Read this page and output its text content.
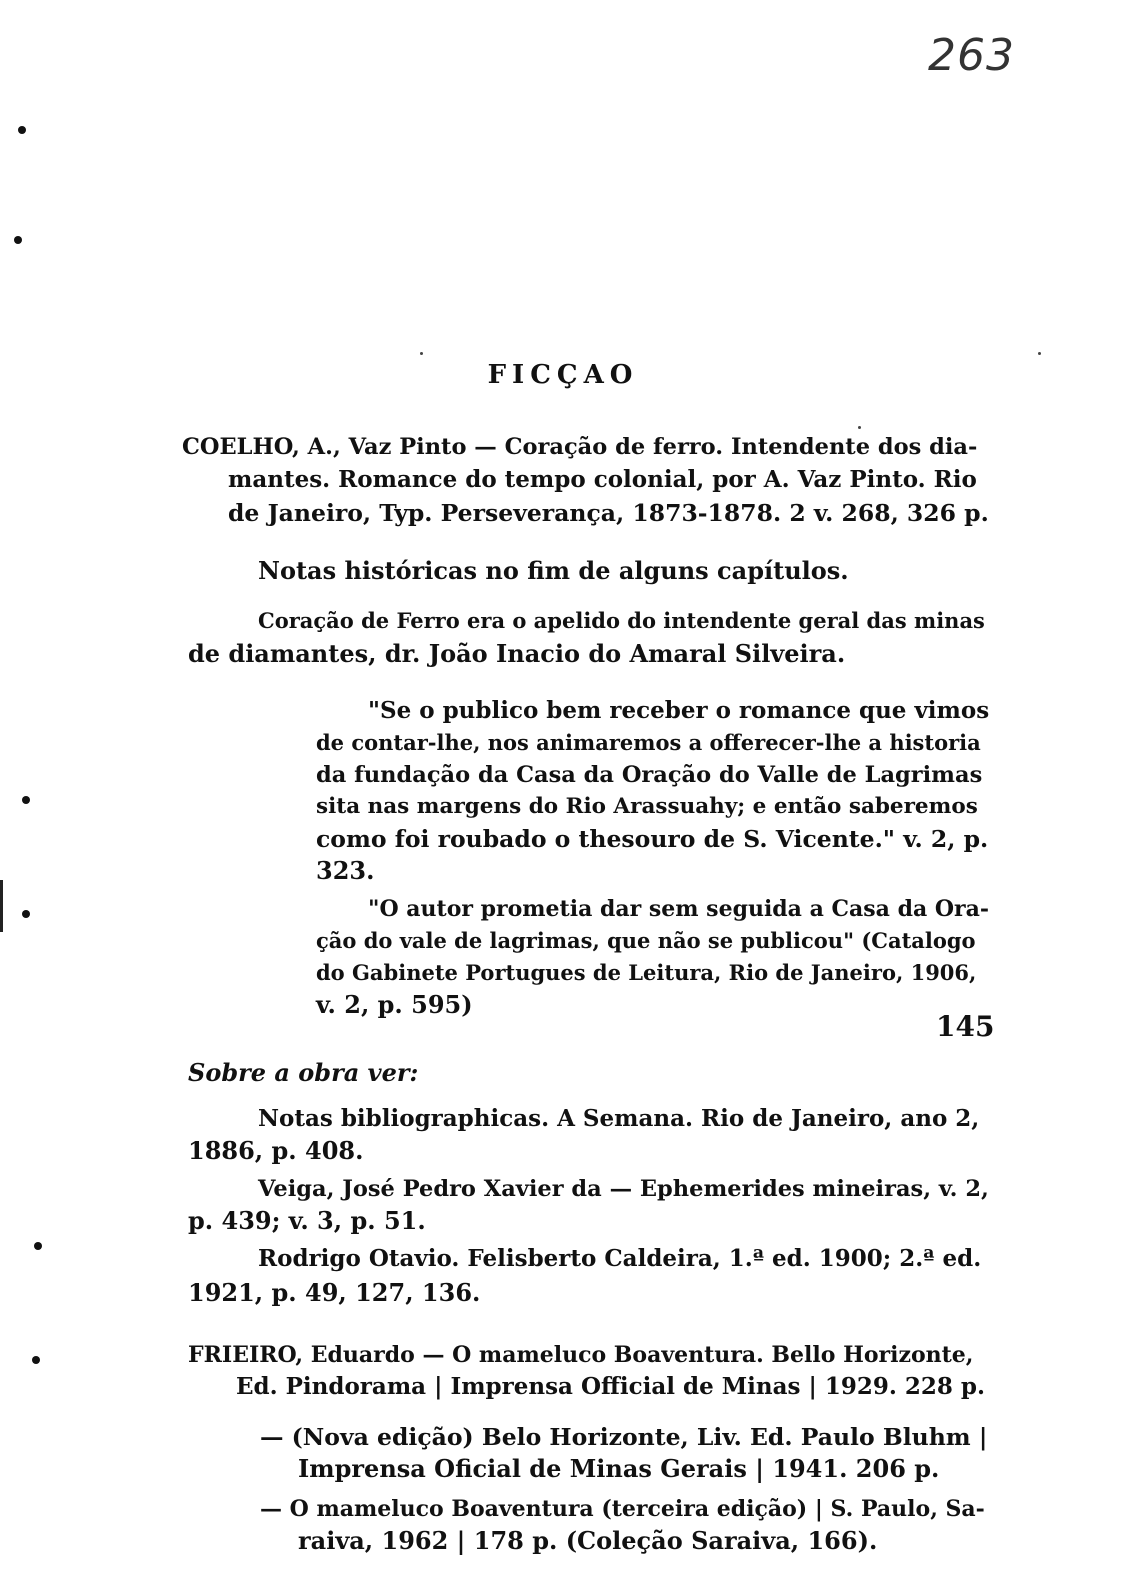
263
FICÇAO
COELHO, A., Vaz Pinto — Coração de ferro. Intendente dos dia-
mantes. Romance do tempo colonial, por A. Vaz Pinto. Rio
de Janeiro, Typ. Perseverança, 1873-1878. 2 v. 268, 326 p.
Notas históricas no fim de alguns capítulos.
Coração de Ferro era o apelido do intendente geral das minas
de diamantes, dr. João Inacio do Amaral Silveira.
"Se o publico bem receber o romance que vimos
de contar-lhe, nos animaremos a offerecer-lhe a historia
da fundação da Casa da Oração do Valle de Lagrimas
sita nas margens do Rio Arassuahy; e então saberemos
como foi roubado o thesouro de S. Vicente." v. 2, p.
323.
"O autor prometia dar sem seguida a Casa da Ora-
ção do vale de lagrimas, que não se publicou" (Catalogo
do Gabinete Portugues de Leitura, Rio de Janeiro, 1906,
v. 2, p. 595)
145
Sobre a obra ver:
Notas bibliographicas. A Semana. Rio de Janeiro, ano 2,
1886, p. 408.
Veiga, José Pedro Xavier da — Ephemerides mineiras, v. 2,
p. 439; v. 3, p. 51.
Rodrigo Otavio. Felisberto Caldeira, 1.ª ed. 1900; 2.ª ed.
1921, p. 49, 127, 136.
FRIEIRO, Eduardo — O mameluco Boaventura. Bello Horizonte,
Ed. Pindorama | Imprensa Official de Minas | 1929. 228 p.
— (Nova edição) Belo Horizonte, Liv. Ed. Paulo Bluhm |
Imprensa Oficial de Minas Gerais | 1941. 206 p.
— O mameluco Boaventura (terceira edição) | S. Paulo, Sa-
raiva, 1962 | 178 p. (Coleção Saraiva, 166).
